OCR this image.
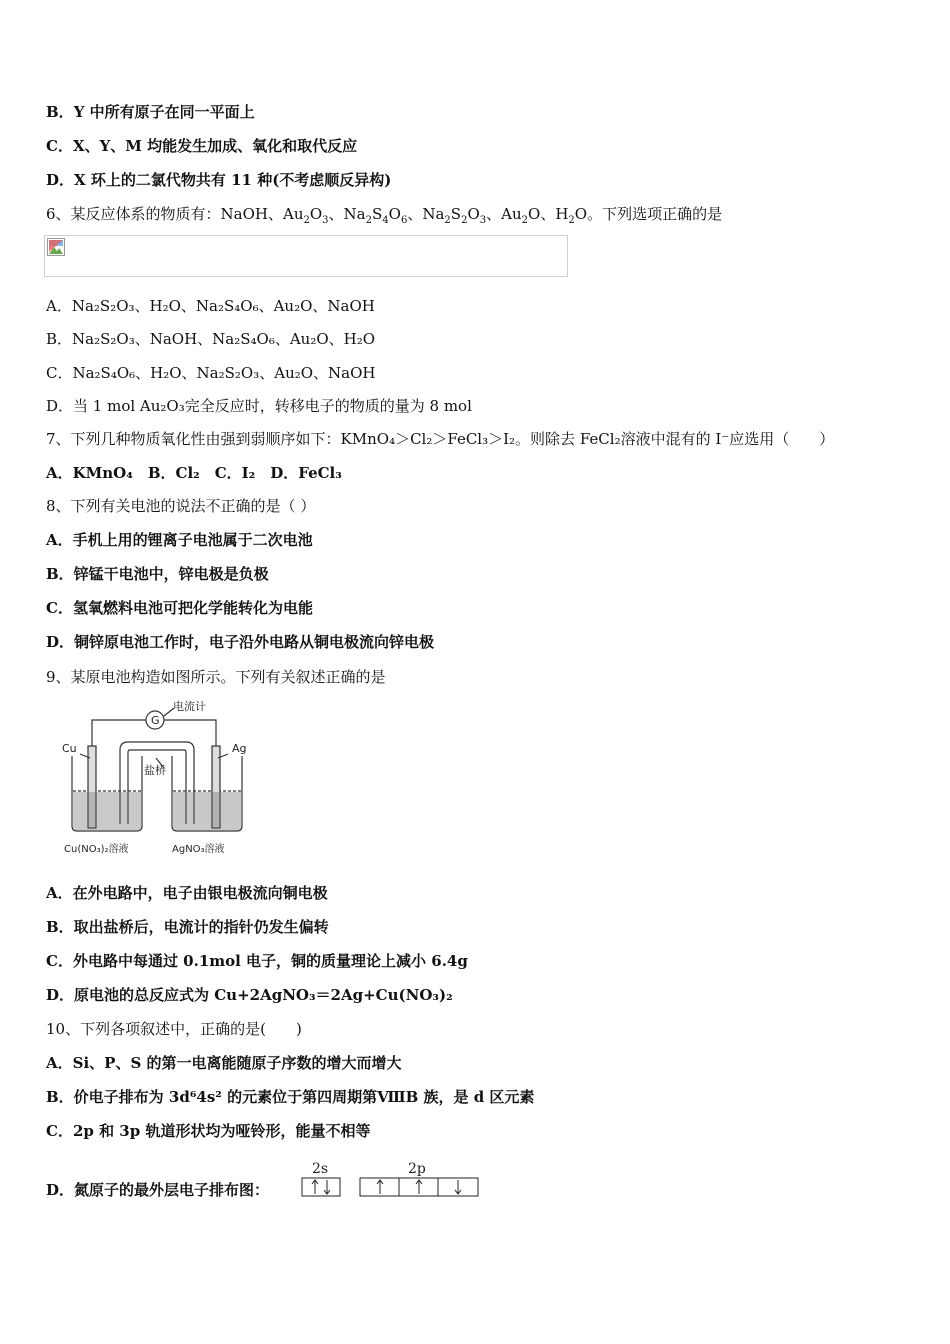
B．Y 中所有原子在同一平面上
C．X、Y、M 均能发生加成、氧化和取代反应
D．X 环上的二氯代物共有 11 种(不考虑顺反异构)
6、某反应体系的物质有：NaOH、$Au_2O_3$、$Na_2S_4O_6$、$Na_2S_2O_3$、$Au_2O$、$H_2O$。下列选项正确的是
A．Na₂S₂O₃、H₂O、Na₂S₄O₆、Au₂O、NaOH
B．Na₂S₂O₃、NaOH、Na₂S₄O₆、Au₂O、H₂O
C．Na₂S₄O₆、H₂O、Na₂S₂O₃、Au₂O、NaOH
D．当 1 mol Au₂O₃完全反应时，转移电子的物质的量为 8 mol
7、下列几种物质氧化性由强到弱顺序如下：KMnO₄＞Cl₂＞FeCl₃＞I₂。则除去 FeCl₂溶液中混有的 I⁻应选用（　　）
A．KMnO₄　B．Cl₂　C．I₂　D．FeCl₃
8、下列有关电池的说法不正确的是（ ）
A．手机上用的锂离子电池属于二次电池
B．锌锰干电池中，锌电极是负极
C．氢氧燃料电池可把化学能转化为电能
D．铜锌原电池工作时，电子沿外电路从铜电极流向锌电极
9、某原电池构造如图所示。下列有关叙述正确的是
G
电流计
Cu	Ag
盐桥
Cu(NO₃)₂溶液	AgNO₃溶液
A．在外电路中，电子由银电极流向铜电极
B．取出盐桥后，电流计的指针仍发生偏转
C．外电路中每通过 0.1mol 电子，铜的质量理论上减小 6.4g
D．原电池的总反应式为 Cu+2AgNO₃＝2Ag+Cu(NO₃)₂
10、下列各项叙述中，正确的是(　　)
A．Si、P、S 的第一电离能随原子序数的增大而增大
B．价电子排布为 3d⁶4s² 的元素位于第四周期第ⅧB 族，是 d 区元素
C．2p 和 3p 轨道形状均为哑铃形，能量不相等
D．氮原子的最外层电子排布图：
2s	2p
